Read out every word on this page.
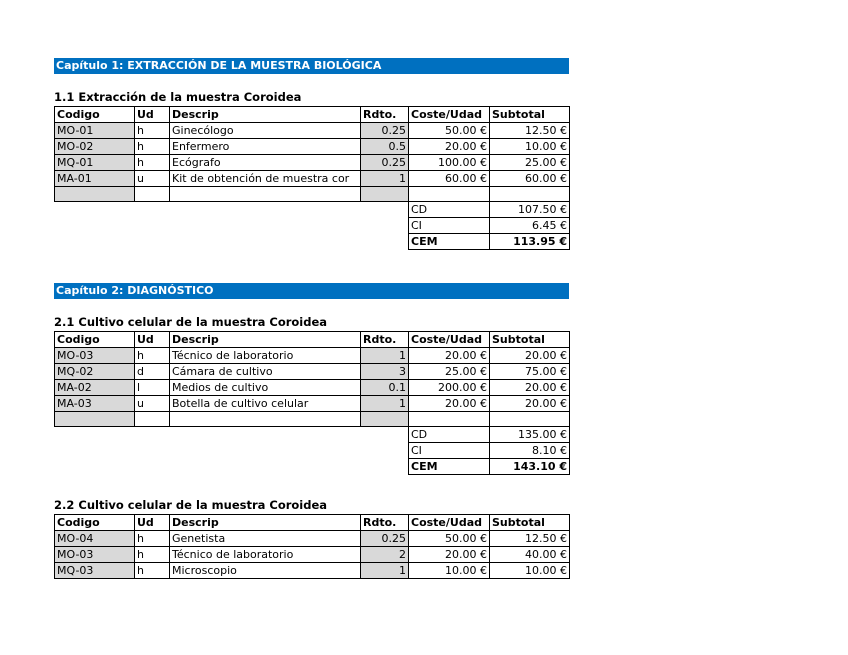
Capítulo 1: EXTRACCIÓN DE LA MUESTRA BIOLÓGICA
1.1 Extracción de la muestra Coroidea
Codigo	Ud	Descrip	Rdto.	Coste/Udad	Subtotal
MO-01	h	Ginecólogo	0.25	50.00 €	12.50 €
MO-02	h	Enfermero	0.5	20.00 €	10.00 €
MQ-01	h	Ecógrafo	0.25	100.00 €	25.00 €
MA-01	u	Kit de obtención de muestra cor	1	60.00 €	60.00 €

				CD	107.50 €
				CI	6.45 €
				CEM	113.95 €
Capítulo 2: DIAGNÓSTICO
2.1 Cultivo celular de la muestra Coroidea
Codigo	Ud	Descrip	Rdto.	Coste/Udad	Subtotal
MO-03	h	Técnico de laboratorio	1	20.00 €	20.00 €
MQ-02	d	Cámara de cultivo	3	25.00 €	75.00 €
MA-02	l	Medios de cultivo	0.1	200.00 €	20.00 €
MA-03	u	Botella de cultivo celular	1	20.00 €	20.00 €

				CD	135.00 €
				CI	8.10 €
				CEM	143.10 €
2.2 Cultivo celular de la muestra Coroidea
Codigo	Ud	Descrip	Rdto.	Coste/Udad	Subtotal
MO-04	h	Genetista	0.25	50.00 €	12.50 €
MO-03	h	Técnico de laboratorio	2	20.00 €	40.00 €
MQ-03	h	Microscopio	1	10.00 €	10.00 €
